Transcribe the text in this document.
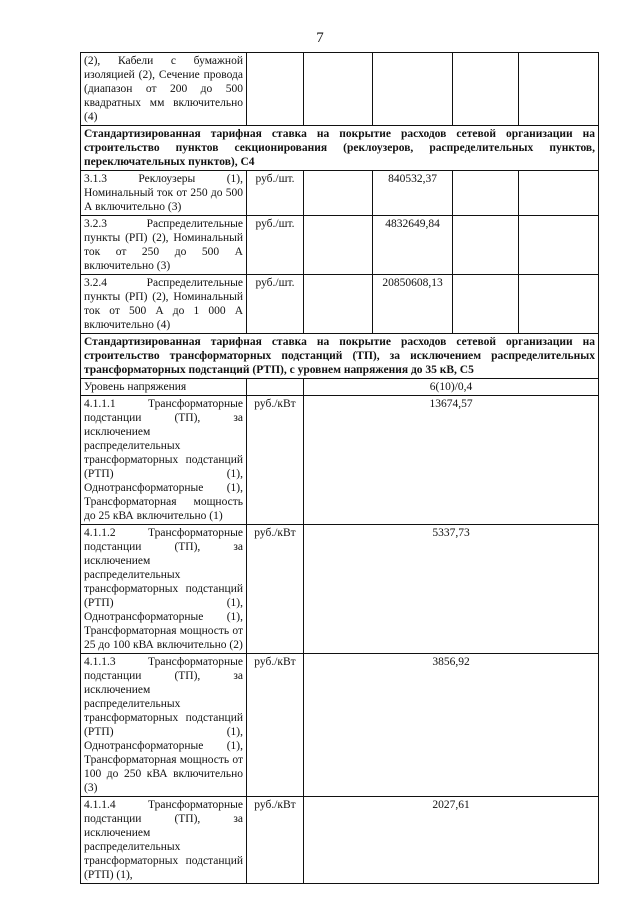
7
(2), Кабели с бумажной изоляцией (2), Сечение провода (диапазон от 200 до 500 квадратных мм включительно (4)					
Стандартизированная тарифная ставка на покрытие расходов сетевой организации на строительство пунктов секционирования (реклоузеров, распределительных пунктов, переключательных пунктов), С4					
3.1.3 Реклоузеры (1), Номинальный ток от 250 до 500 А включительно (3)	руб./шт.		840532,37		
3.2.3 Распределительные пункты (РП) (2), Номинальный ток от 250 до 500 А включительно (3)	руб./шт.		4832649,84		
3.2.4 Распределительные пункты (РП) (2), Номинальный ток от 500 А до 1 000 А включительно (4)	руб./шт.		20850608,13		
Стандартизированная тарифная ставка на покрытие расходов сетевой организации на строительство трансформаторных подстанций (ТП), за исключением распределительных трансформаторных подстанций (РТП), с уровнем напряжения до 35 кВ, С5					
Уровень напряжения		6(10)/0,4			
4.1.1.1 Трансформаторные подстанции (ТП), за исключением распределительных трансформаторных подстанций (РТП) (1), Однотрансформаторные (1), Трансформаторная мощность до 25 кВА включительно (1)	руб./кВт	13674,57			
4.1.1.2 Трансформаторные подстанции (ТП), за исключением распределительных трансформаторных подстанций (РТП) (1), Однотрансформаторные (1), Трансформаторная мощность от 25 до 100 кВА включительно (2)	руб./кВт	5337,73			
4.1.1.3 Трансформаторные подстанции (ТП), за исключением распределительных трансформаторных подстанций (РТП) (1), Однотрансформаторные (1), Трансформаторная мощность от 100 до 250 кВА включительно (3)	руб./кВт	3856,92			
4.1.1.4 Трансформаторные подстанции (ТП), за исключением распределительных трансформаторных подстанций (РТП) (1),	руб./кВт	2027,61			
